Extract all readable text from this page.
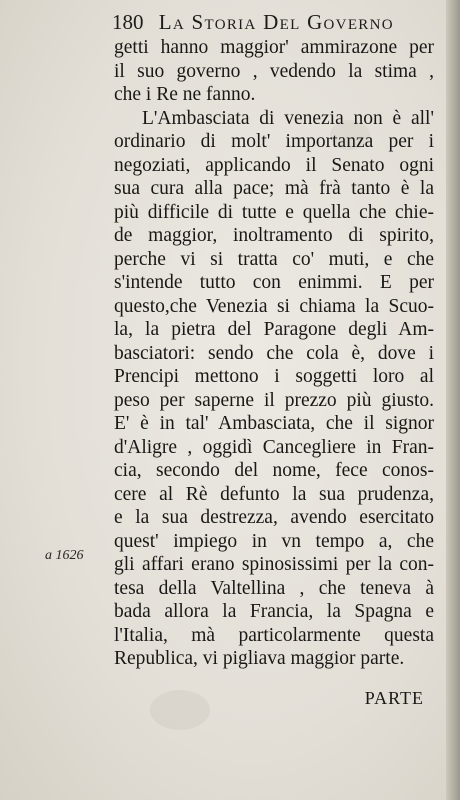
180 La Storia Del Governo
getti hanno maggior' ammirazone per
il suo governo , vedendo la stima ,
che i Re ne fanno.
L'Ambasciata di venezia non è all'
ordinario di molt' importanza per i
negoziati, applicando il Senato ogni
sua cura alla pace; mà frà tanto è la
più difficile di tutte e quella che chie-
de maggior, inoltramento di spirito,
perche vi si tratta co' muti, e che
s'intende tutto con enimmi. E per
questo,che Venezia si chiama la Scuo-
la, la pietra del Paragone degli Am-
basciatori: sendo che cola è, dove i
Prencipi mettono i soggetti loro al
peso per saperne il prezzo più giusto.
E' è in tal' Ambasciata, che il signor
d'Aligre , oggidì Cancegliere in Fran-
cia, secondo del nome, fece conos-
cere al Rè defunto la sua prudenza,
e la sua destrezza, avendo esercitato
quest' impiego in vn tempo a, che
gli affari erano spinosissimi per la con-
tesa della Valtellina , che teneva à
bada allora la Francia, la Spagna e
l'Italia, mà particolarmente questa
Republica, vi pigliava maggior parte.
a 1626
PARTE
